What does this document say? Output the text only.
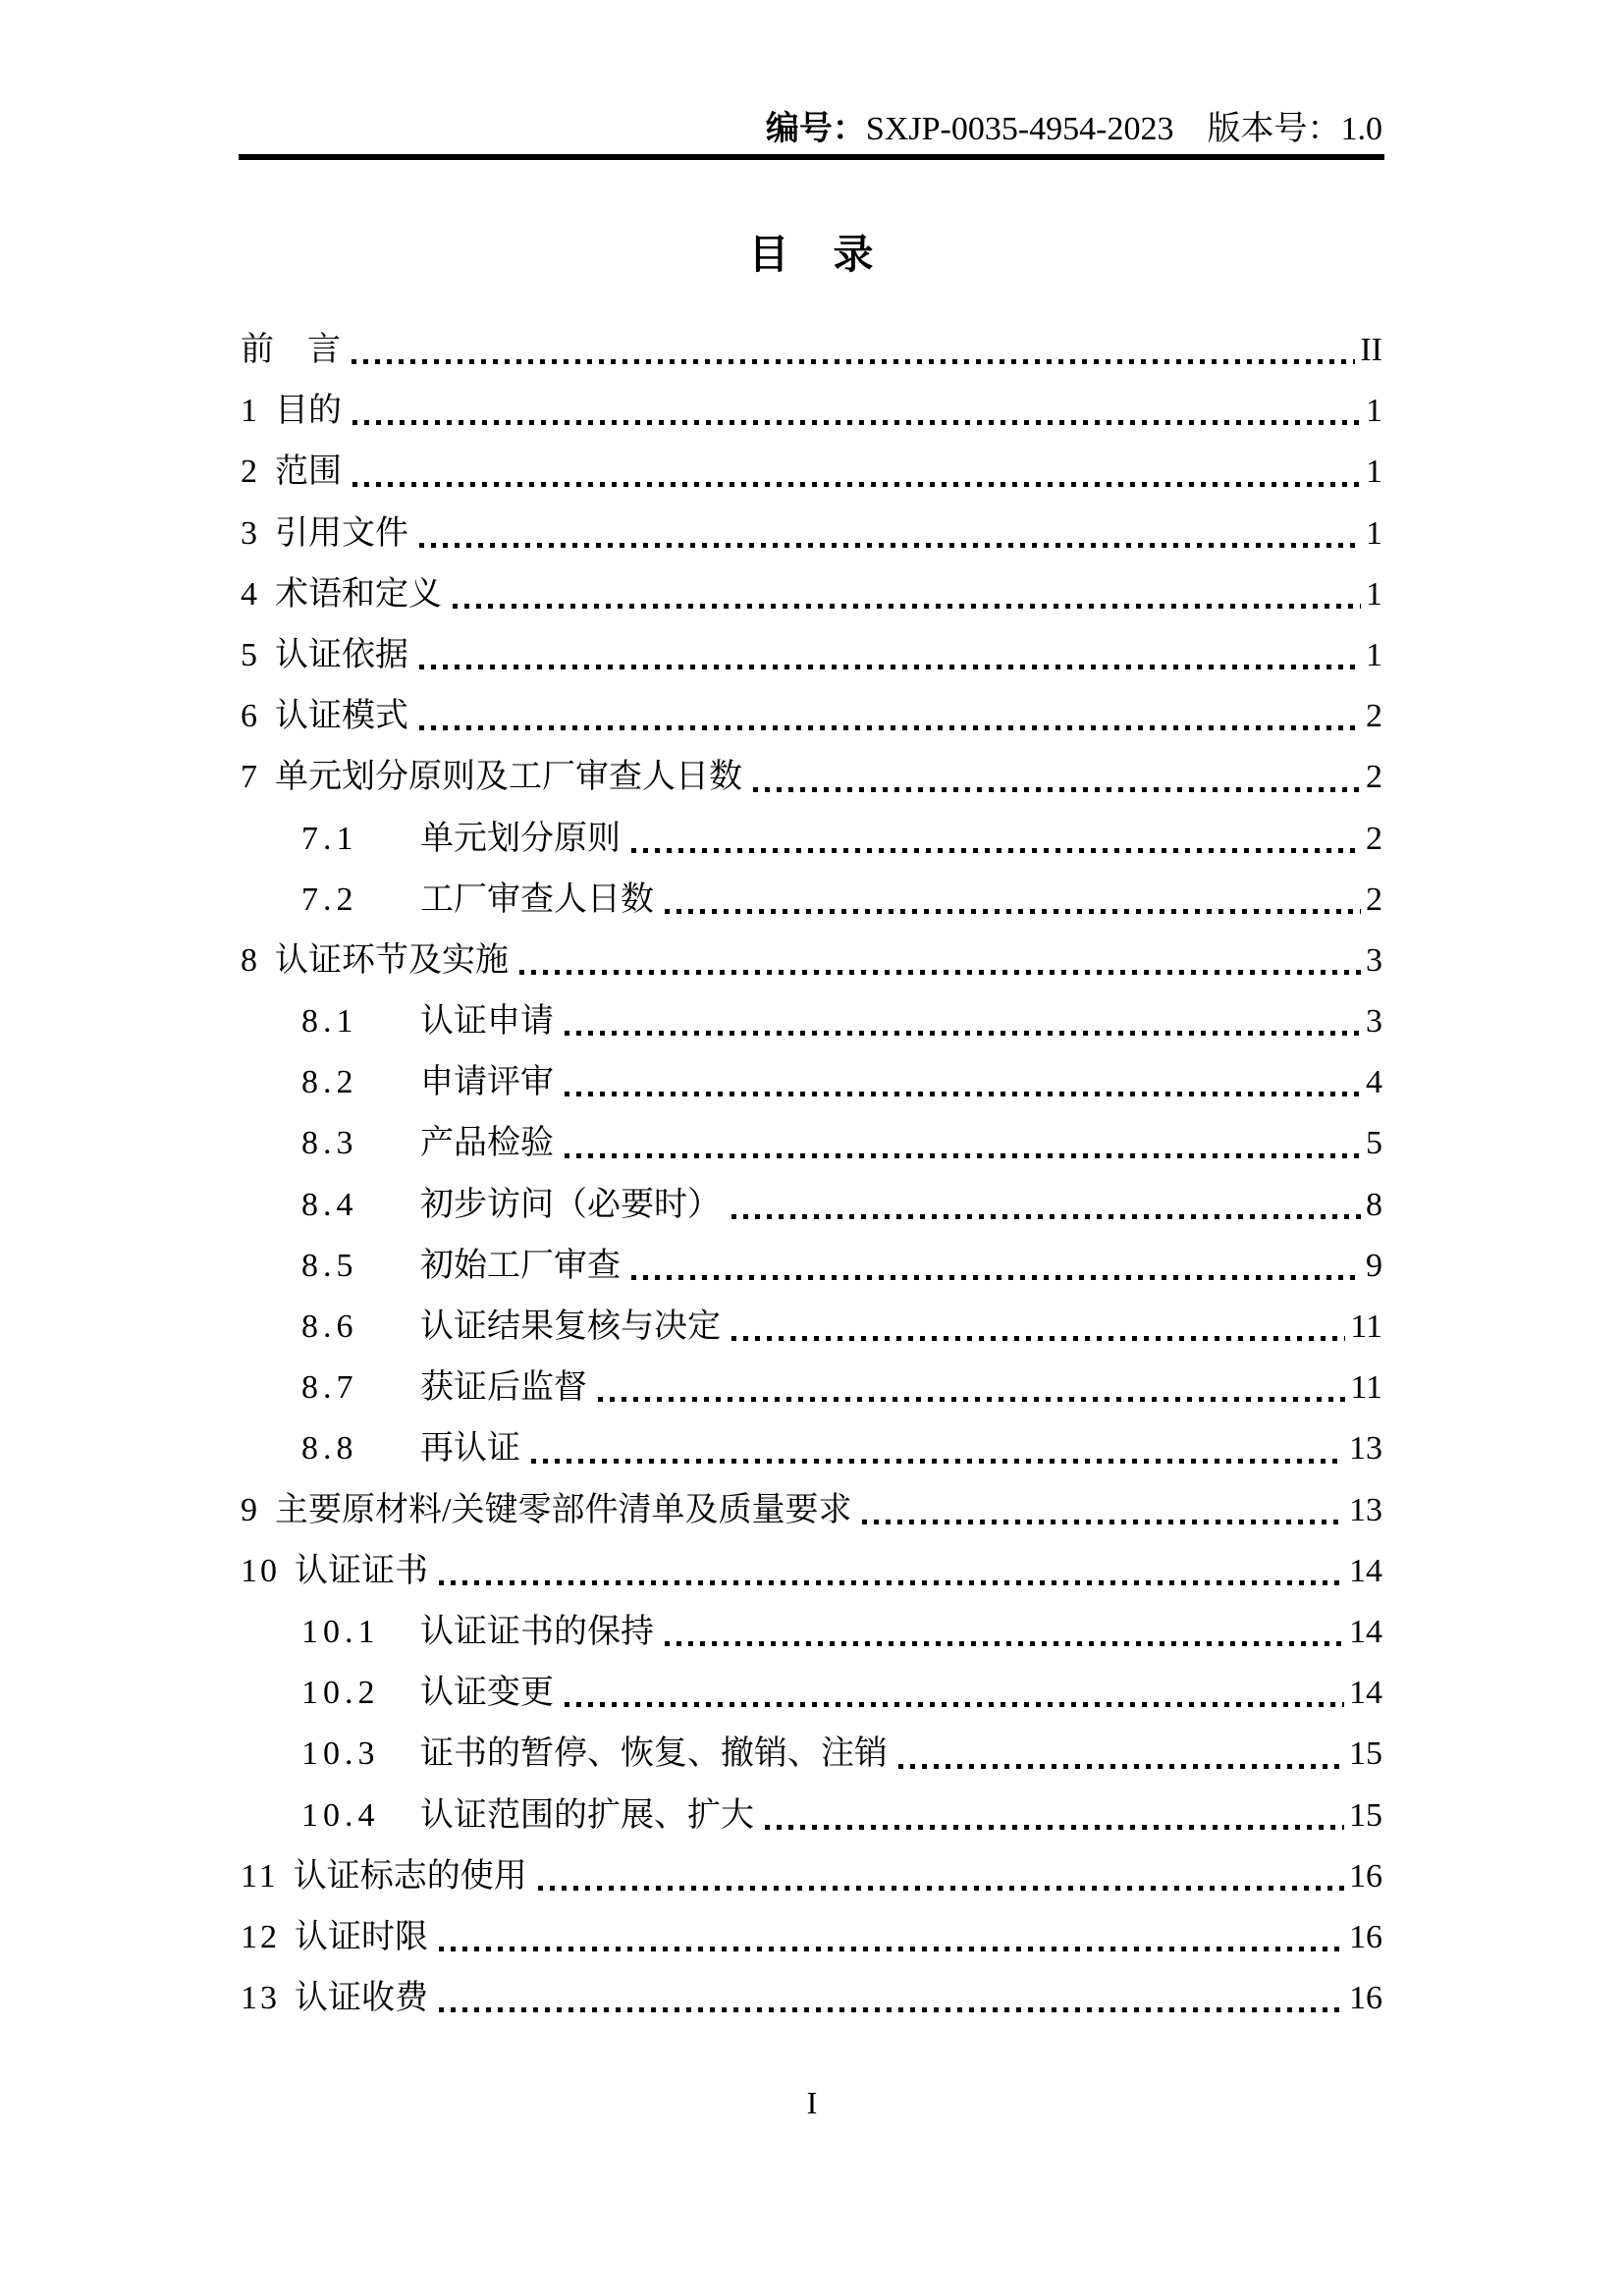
编号：SXJP-0035-4954-2023 版本号：1.0
目　录
前　言	II
1 目的	1
2 范围	1
3 引用文件	1
4 术语和定义	1
5 认证依据	1
6 认证模式	2
7 单元划分原则及工厂审查人日数	2
7.1	单元划分原则	2
7.2	工厂审查人日数	2
8 认证环节及实施	3
8.1	认证申请	3
8.2	申请评审	4
8.3	产品检验	5
8.4	初步访问（必要时）	8
8.5	初始工厂审查	9
8.6	认证结果复核与决定	11
8.7	获证后监督	11
8.8	再认证	13
9 主要原材料/关键零部件清单及质量要求	13
10 认证证书	14
10.1	认证证书的保持	14
10.2	认证变更	14
10.3	证书的暂停、恢复、撤销、注销	15
10.4	认证范围的扩展、扩大	15
11 认证标志的使用	16
12 认证时限	16
13 认证收费	16
I
